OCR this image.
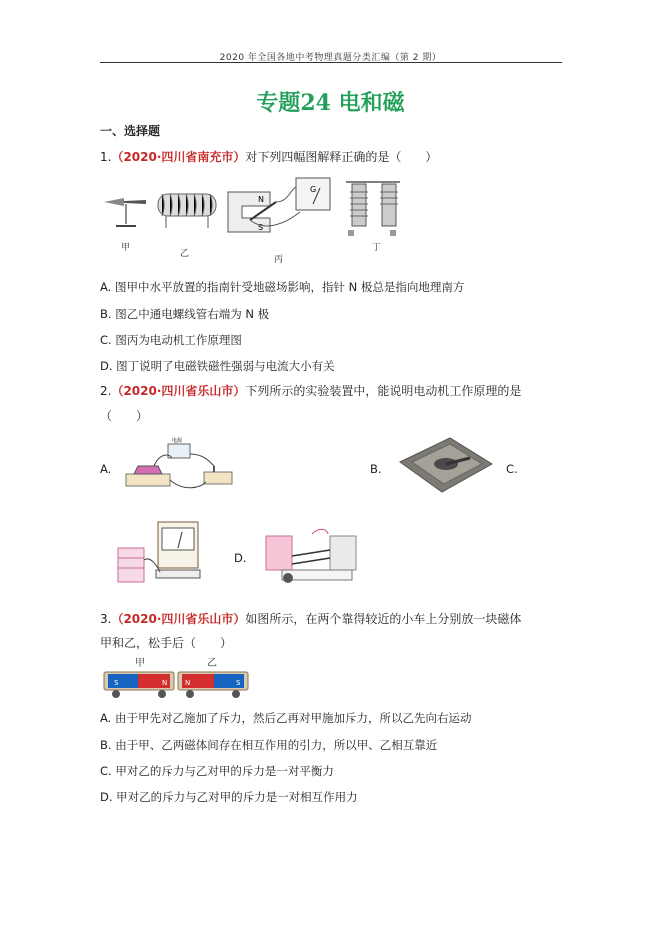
2020 年全国各地中考物理真题分类汇编（第 2 期）
专题24 电和磁
一、选择题
1.（2020·四川省南充市）对下列四幅图解释正确的是（　　）
N
S
G
甲
乙
丙
丁
A. 图甲中水平放置的指南针受地磁场影响，指针 N 极总是指向地理南方
B. 图乙中通电螺线管右端为 N 极
C. 图丙为电动机工作原理图
D. 图丁说明了电磁铁磁性强弱与电流大小有关
2.（2020·四川省乐山市）下列所示的实验装置中，能说明电动机工作原理的是
（　　）
A.
电源
B.	C.
D.
3.（2020·四川省乐山市）如图所示，在两个靠得较近的小车上分别放一块磁体
甲和乙，松手后（　　）
甲	乙
S	N	N	S
A. 由于甲先对乙施加了斥力，然后乙再对甲施加斥力，所以乙先向右运动
B. 由于甲、乙两磁体间存在相互作用的引力，所以甲、乙相互靠近
C. 甲对乙的斥力与乙对甲的斥力是一对平衡力
D. 甲对乙的斥力与乙对甲的斥力是一对相互作用力
